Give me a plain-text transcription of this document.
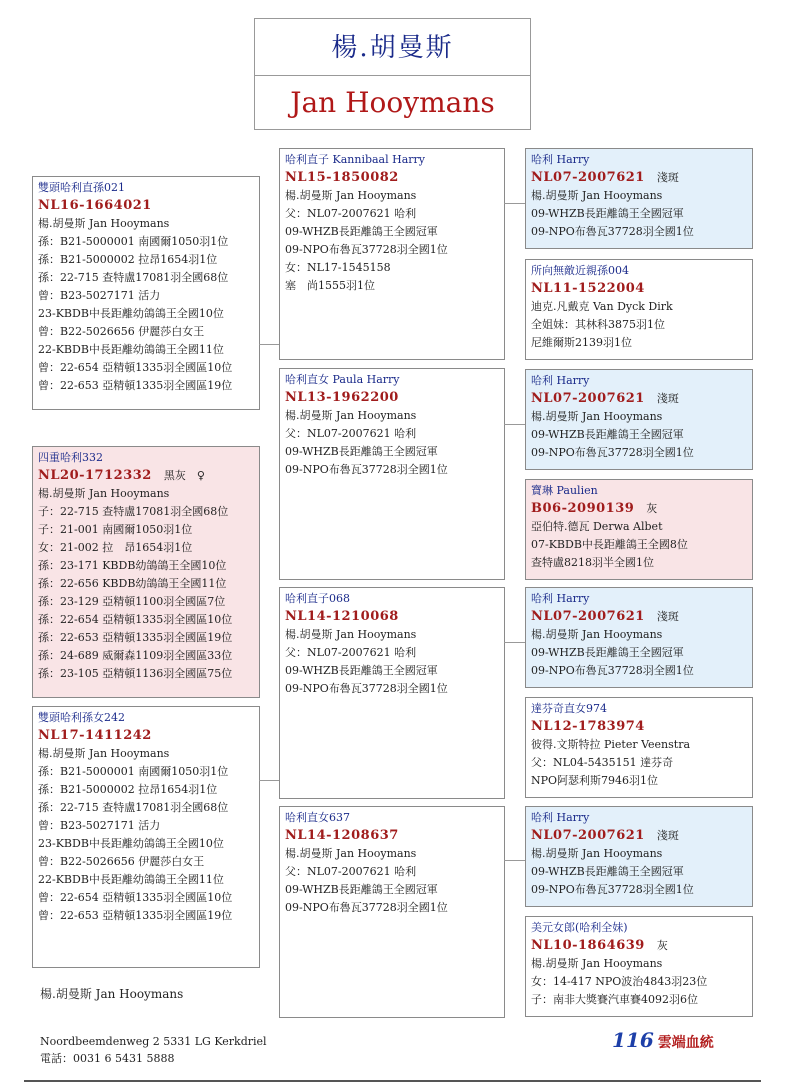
楊.胡曼斯
Jan Hooymans
雙頭哈利直孫021
NL16-1664021
楊.胡曼斯 Jan Hooymans
孫：B21-5000001 南國爾1050羽1位
孫：B21-5000002 拉昂1654羽1位
孫：22-715 查特盧17081羽全國68位
曾：B23-5027171 活力
23-KBDB中長距離幼鴿鴿王全國10位
曾：B22-5026656 伊麗莎白女王
22-KBDB中長距離幼鴿鴿王全國11位
曾：22-654 亞精頓1335羽全國區10位
曾：22-653 亞精頓1335羽全國區19位
四重哈利332
NL20-1712332 黑灰　♀
楊.胡曼斯 Jan Hooymans
子：22-715 查特盧17081羽全國68位
子：21-001 南國爾1050羽1位
女：21-002 拉　昂1654羽1位
孫：23-171 KBDB幼鴿鴿王全國10位
孫：22-656 KBDB幼鴿鴿王全國11位
孫：23-129 亞精頓1100羽全國區7位
孫：22-654 亞精頓1335羽全國區10位
孫：22-653 亞精頓1335羽全國區19位
孫：24-689 威爾森1109羽全國區33位
孫：23-105 亞精頓1136羽全國區75位
雙頭哈利孫女242
NL17-1411242
楊.胡曼斯 Jan Hooymans
孫：B21-5000001 南國爾1050羽1位
孫：B21-5000002 拉昂1654羽1位
孫：22-715 查特盧17081羽全國68位
曾：B23-5027171 活力
23-KBDB中長距離幼鴿鴿王全國10位
曾：B22-5026656 伊麗莎白女王
22-KBDB中長距離幼鴿鴿王全國11位
曾：22-654 亞精頓1335羽全國區10位
曾：22-653 亞精頓1335羽全國區19位
哈利直子 Kannibaal Harry
NL15-1850082
楊.胡曼斯 Jan Hooymans
父：NL07-2007621 哈利
09-WHZB長距離鴿王全國冠軍
09-NPO布魯瓦37728羽全國1位
女：NL17-1545158
塞　尚1555羽1位
哈利直女 Paula Harry
NL13-1962200
楊.胡曼斯 Jan Hooymans
父：NL07-2007621 哈利
09-WHZB長距離鴿王全國冠軍
09-NPO布魯瓦37728羽全國1位
哈利直子068
NL14-1210068
楊.胡曼斯 Jan Hooymans
父：NL07-2007621 哈利
09-WHZB長距離鴿王全國冠軍
09-NPO布魯瓦37728羽全國1位
哈利直女637
NL14-1208637
楊.胡曼斯 Jan Hooymans
父：NL07-2007621 哈利
09-WHZB長距離鴿王全國冠軍
09-NPO布魯瓦37728羽全國1位
哈利 Harry
NL07-2007621 淺斑
楊.胡曼斯 Jan Hooymans
09-WHZB長距離鴿王全國冠軍
09-NPO布魯瓦37728羽全國1位
所向無敵近親孫004
NL11-1522004
迪克.凡戴克 Van Dyck Dirk
全姐妹：其林科3875羽1位
尼維爾斯2139羽1位
哈利 Harry
NL07-2007621 淺斑
楊.胡曼斯 Jan Hooymans
09-WHZB長距離鴿王全國冠軍
09-NPO布魯瓦37728羽全國1位
寶琳 Paulien
B06-2090139 灰
亞伯特.德瓦 Derwa Albet
07-KBDB中長距離鴿王全國8位
查特盧8218羽半全國1位
哈利 Harry
NL07-2007621 淺斑
楊.胡曼斯 Jan Hooymans
09-WHZB長距離鴿王全國冠軍
09-NPO布魯瓦37728羽全國1位
達芬奇直女974
NL12-1783974
彼得.文斯特拉 Pieter Veenstra
父：NL04-5435151 達芬奇
NPO阿瑟利斯7946羽1位
哈利 Harry
NL07-2007621 淺斑
楊.胡曼斯 Jan Hooymans
09-WHZB長距離鴿王全國冠軍
09-NPO布魯瓦37728羽全國1位
美元女郎(哈利全妹)
NL10-1864639 灰
楊.胡曼斯 Jan Hooymans
女：14-417 NPO波治4843羽23位
子：南非大獎賽汽車賽4092羽6位
楊.胡曼斯 Jan Hooymans
Noordbeemdenweg 2 5331 LG Kerkdriel
電話：0031 6 5431 5888
116 雲端血統
